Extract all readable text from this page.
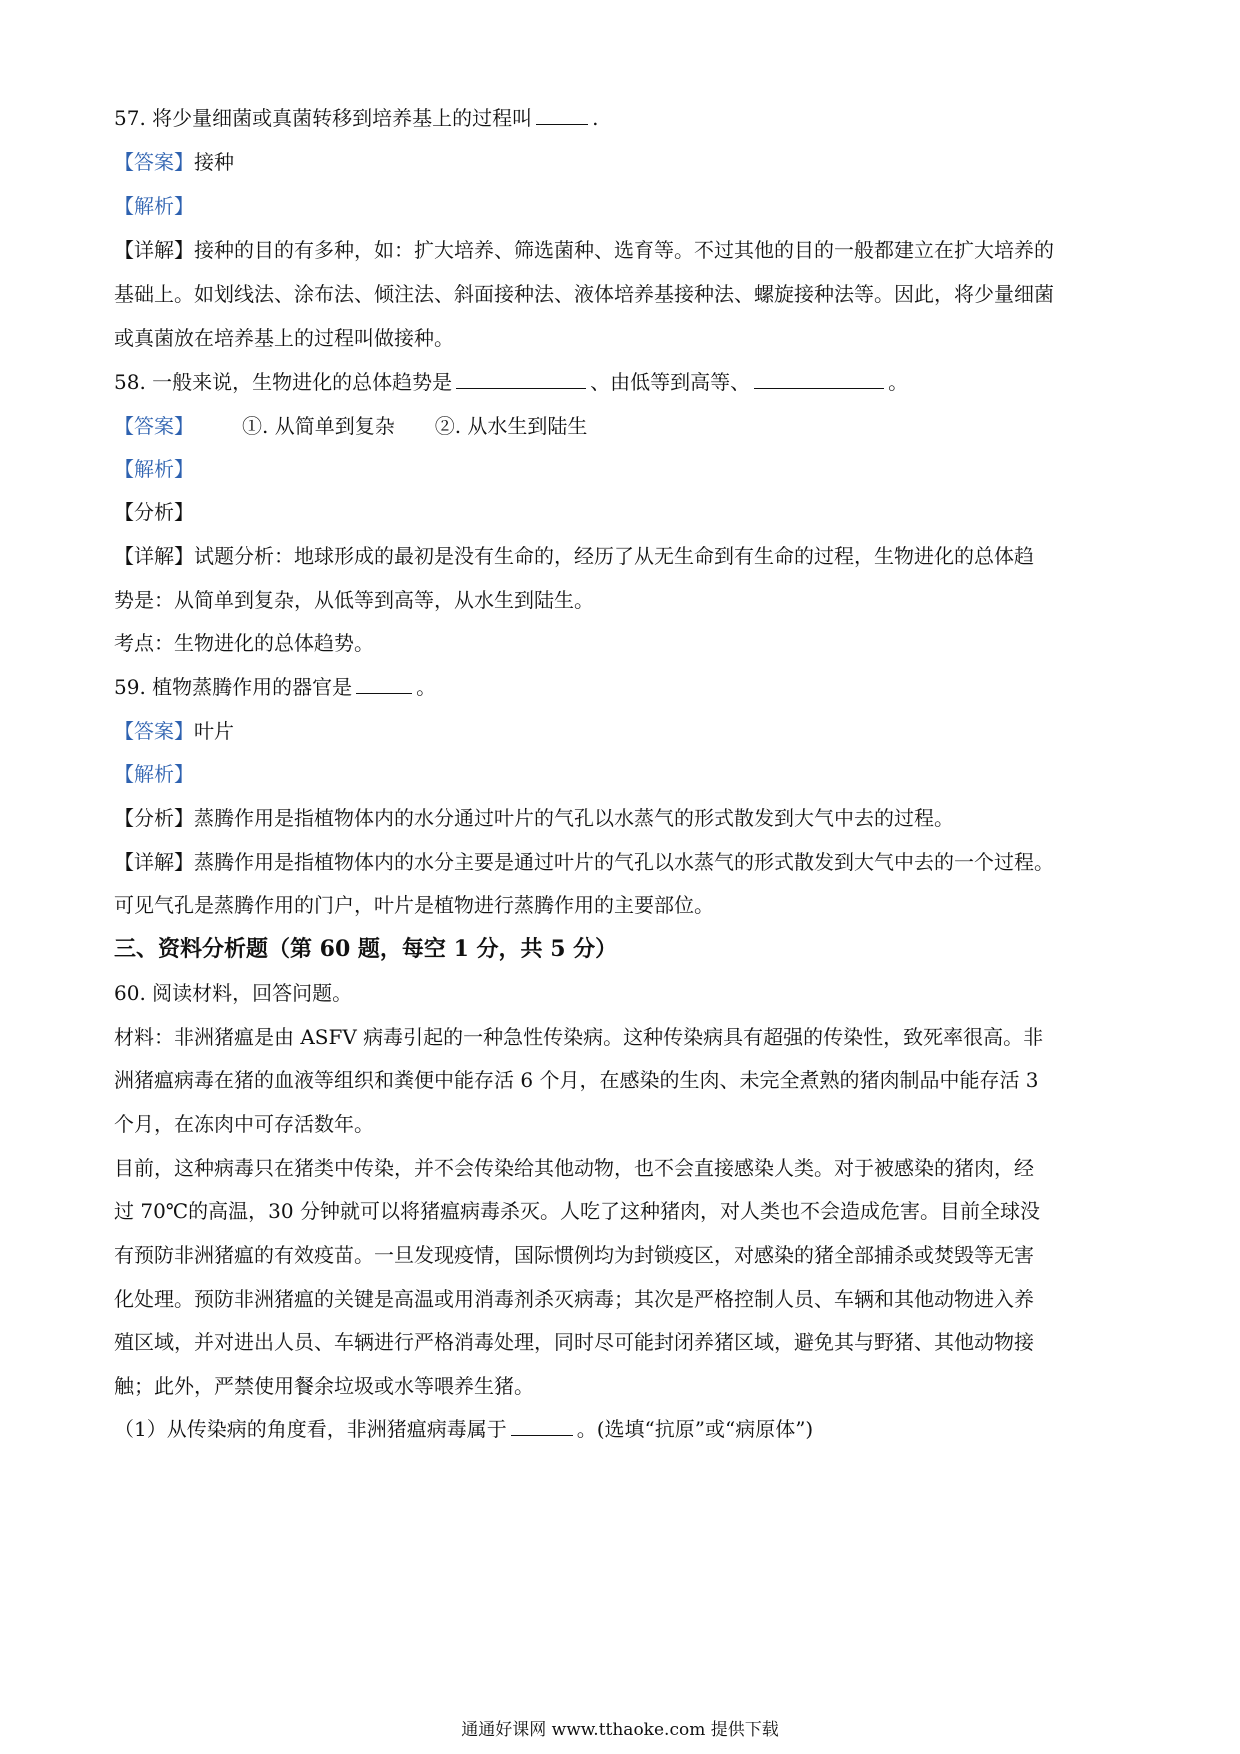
57. 将少量细菌或真菌转移到培养基上的过程叫	.
【答案】接种
【解析】
【详解】接种的目的有多种，如：扩大培养、筛选菌种、选育等。不过其他的目的一般都建立在扩大培养的
基础上。如划线法、涂布法、倾注法、斜面接种法、液体培养基接种法、螺旋接种法等。因此，将少量细菌
或真菌放在培养基上的过程叫做接种。
58. 一般来说，生物进化的总体趋势是	、由低等到高等、	。
【答案】 ①. 从简单到复杂 ②. 从水生到陆生
【解析】
【分析】
【详解】试题分析：地球形成的最初是没有生命的，经历了从无生命到有生命的过程，生物进化的总体趋
势是：从简单到复杂，从低等到高等，从水生到陆生。
考点：生物进化的总体趋势。
59. 植物蒸腾作用的器官是	。
【答案】叶片
【解析】
【分析】蒸腾作用是指植物体内的水分通过叶片的气孔以水蒸气的形式散发到大气中去的过程。
【详解】蒸腾作用是指植物体内的水分主要是通过叶片的气孔以水蒸气的形式散发到大气中去的一个过程。
可见气孔是蒸腾作用的门户，叶片是植物进行蒸腾作用的主要部位。
三、资料分析题（第 60 题，每空 1 分，共 5 分）
60. 阅读材料，回答问题。
材料：非洲猪瘟是由 ASFV 病毒引起的一种急性传染病。这种传染病具有超强的传染性，致死率很高。非
洲猪瘟病毒在猪的血液等组织和粪便中能存活 6 个月，在感染的生肉、未完全煮熟的猪肉制品中能存活 3
个月，在冻肉中可存活数年。
目前，这种病毒只在猪类中传染，并不会传染给其他动物，也不会直接感染人类。对于被感染的猪肉，经
过 70℃的高温，30 分钟就可以将猪瘟病毒杀灭。人吃了这种猪肉，对人类也不会造成危害。目前全球没
有预防非洲猪瘟的有效疫苗。一旦发现疫情，国际惯例均为封锁疫区，对感染的猪全部捕杀或焚毁等无害
化处理。预防非洲猪瘟的关键是高温或用消毒剂杀灭病毒；其次是严格控制人员、车辆和其他动物进入养
殖区域，并对进出人员、车辆进行严格消毒处理，同时尽可能封闭养猪区域，避免其与野猪、其他动物接
触；此外，严禁使用餐余垃圾或水等喂养生猪。
（1）从传染病的角度看，非洲猪瘟病毒属于	。(选填“抗原”或“病原体”)
通通好课网 www.tthaoke.com 提供下载
